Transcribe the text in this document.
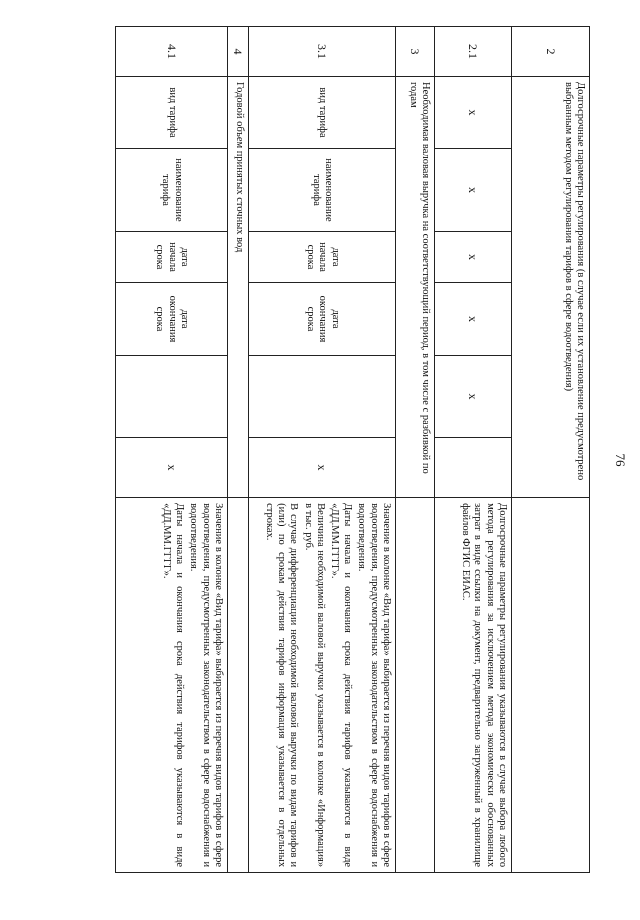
76
2	Долгосрочные параметры регулирования (в случае если их установление предусмотрено выбранным методом регулирования тарифов в сфере водоотведения)						
2.1	x	x	x	x	x		Долгосрочные параметры регулирования указываются в случае выбора любого метода регулирования за исключением метода экономически обоснованных затрат в виде ссылки на документ, предварительно загруженный в хранилище файлов ФГИС ЕИАС.
3	Необходимая валовая выручка на соответствующий период, в том числе с разбивкой по годам						
3.1	вид тарифа	наименование тарифа	дата начала срока	дата окончания срока		x	Значение в колонке «Вид тарифа» выбирается из перечня видов тарифов в сфере водоотведения, предусмотренных законодательством в сфере водоснабжения и водоотведения.

Даты начала и окончания срока действия тарифов указываются в виде «ДД.ММ.ГГГГ».

Величина необходимой валовой выручки указывается в колонке «Информация» в тыс. руб.

В случае дифференциации необходимой валовой выручки по видам тарифов и (или) по срокам действия тарифов информация указывается в отдельных строках.

4	Годовой объем принятых сточных вод						
4.1	вид тарифа	наименование тарифа	дата начала срока	дата окончания срока		x	Значение в колонке «Вид тарифа» выбирается из перечня видов тарифов в сфере водоотведения, предусмотренных законодательством в сфере водоснабжения и водоотведения.

Даты начала и окончания срока действия тарифов указываются в виде «ДД.ММ.ГГГГ».
